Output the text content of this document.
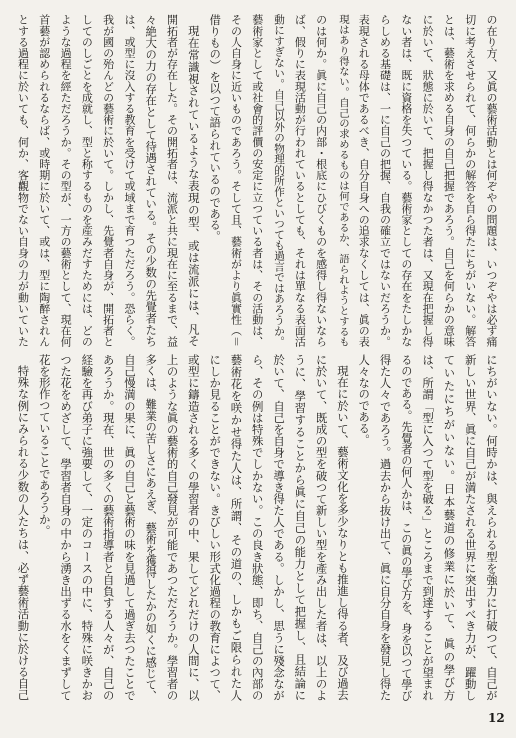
の在り方、又眞の藝術活動とは何ぞやの問題は、いつぞやは必ず痛
切に考えさせられて、何らかの解答を自ら得たにちがいない。解答
とは、藝術を求める自身の自己把握であろう。自己を何らかの意味
に於いて、狀態に於いて、把握し得なかつた者は、又現在把握し得
ない者は、既に資格を失つている。藝術家としての存在をたしかな
らしめる基礎は、一に自己の把握、自我の確立ではないだろうか。
表現される母体であるべき、自分自身への追求なくしては、眞の表
現はあり得ない。自己の求めるものは何であるか、語られようとするも
のは何か。眞に自己の内部・根底にひびくものを感得し得ないなら
ば、假りに表現活動が行われているとしても、それは單なる表面活
動にすぎない。自己以外の物理的所作といつても過言ではあろうか。
藝術家として或社會的評價の安定に立つている者は、その活動は、
その人自身に近いものであろう。そして且、藝術がより眞實性（＝
借りもの）を以つて語られているのである。
現在常識視されているような表現の型、或は流派には、凡そ
開拓者が存在した。その開拓者は、流派と共に現在に至るまで、益
々絶大の力の存在として待遇されている。その少数の先覺者たち
は、或型に沒入する教育を受けて或域まで育つただろう。恐らく。
我が國の殆んどの藝術に於いて。しかし、先覺者自身が、開拓者と
してのしごとを成就し、型と称するものを産みだすためには、どの
ような過程を經ただろうか。その型が、一方の藝術として、現在何
首藝が認められるならば、或時期に於いて、或は、型に陶醉されん
とする過程に於いても、何か、客觀物でない自身の力が動いていた
にちがいない。何時かは、與えられる型を強力に打破つて、自己が
新しい世界、眞に自己が満たされる世界に突出すべき力が、躍動し
ていたにちがいない。日本藝道の修業に於いて、眞の學び方
は、所謂「型に入つて型を破る」ところまで到達することが望まれ
るのである。先覺者の何人かは、この眞の學び方を、身を以つて學び
得た人々であろう。過去から抜け出て、眞に自分自身を發見し得た
人々なのである。
現在に於いて、藝術文化を多少なりとも推進し得る者、及び過去
に於いて、既成の型を破つて新しい型を產み出した者は、以上のよ
うに、學習することから眞に自己の能力として把握し、且結論に
於いて、自己を自身で導き得た人である。しかし、思うに殘念なが
ら、その例は特殊でしかない。この良き狀態、即ち、自己の內部の
藝術花を咲かせ得た人は、所謂、その道の、しかもご限られた人
にしか見ることができない。きびしい形式化過程の教育によつて、
或型に鑄造される多くの學習者の中、果してどれだけの人間に、以
上のような眞の藝術的自己發見が可能であつただろうか。學習者の
多くは、難業の苦しさにあえぎ、藝術を獲得したかの如くに感じて、
自己慢満の果に、眞の自己と藝術の味を見過して過ぎ去つたことで
あろうか。現在、世の多くの藝術指導者と自負する人々が、自己の
経驗を再び弟子に強要して、一定のコースの中に、特殊に咲きかお
つた花をめざして、學習者自身の中から湧き出ずる水をくまずして
花を形作つていることであろうか。
特殊な例にみられる少数の人たちは、必ず藝術活動に於ける自己
12
